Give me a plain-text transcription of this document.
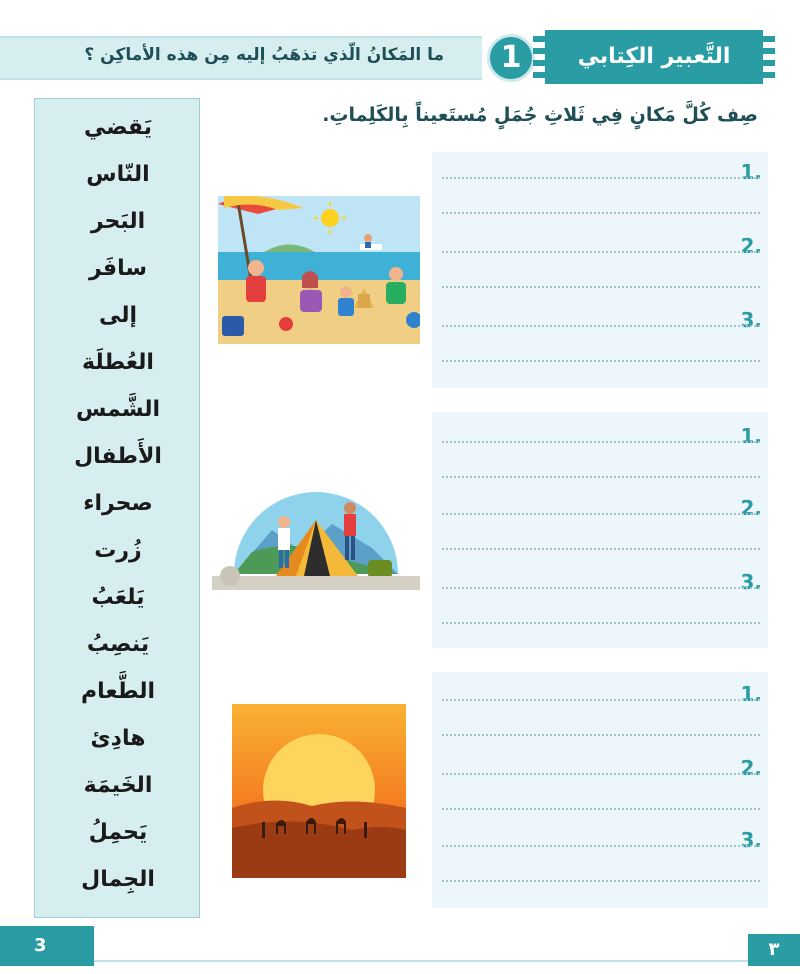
ما المَكانُ الّذي تذهَبُ إليه مِن هذه الأماكِن ؟	1	التَّعبير الكِتابي
صِف كُلَّ مَكانٍ فِي ثَلاثِ جُمَلٍ مُستَعيناً بِالكَلِماتِ.
يَقضي
النّاس
البَحر
سافَر
إلى
العُطلَة
الشَّمس
الأَطفال
صحراء
زُرت
يَلعَبُ
يَنصِبُ
الطَّعام
هادِئ
الخَيمَة
يَحمِلُ
الجِمال
1.
2.
3.
1.
2.
3.
1.
2.
3.
3	٣
